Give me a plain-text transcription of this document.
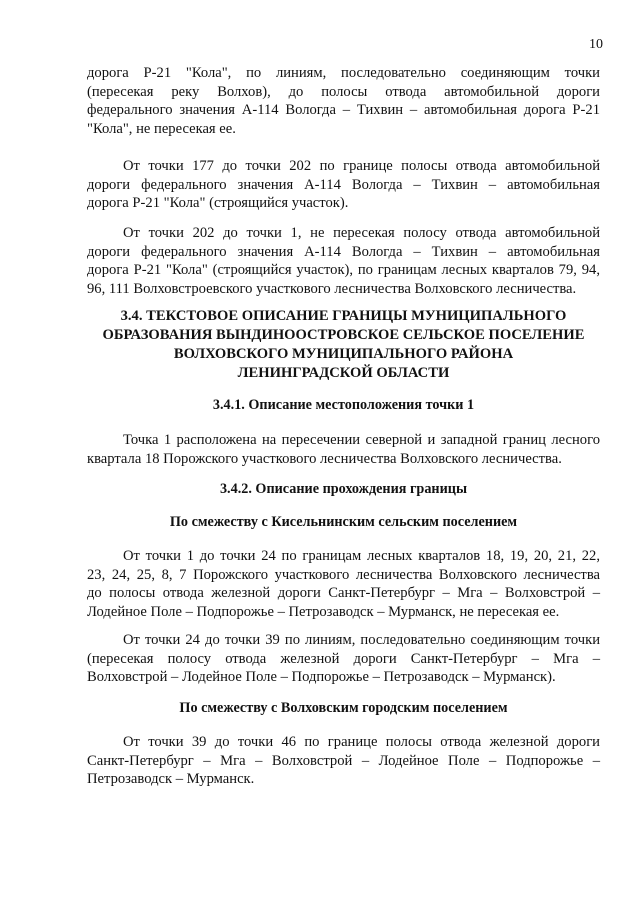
10
дорога Р-21 "Кола", по линиям, последовательно соединяющим точки
(пересекая реку Волхов), до полосы отвода автомобильной дороги
федерального значения А-114 Вологда – Тихвин – автомобильная дорога Р-21
"Кола", не пересекая ее.
От точки 177 до точки 202 по границе полосы отвода автомобильной
дороги федерального значения А-114 Вологда – Тихвин – автомобильная
дорога Р-21 "Кола" (строящийся участок).
От точки 202 до точки 1, не пересекая полосу отвода автомобильной
дороги федерального значения А-114 Вологда – Тихвин – автомобильная
дорога Р-21 "Кола" (строящийся участок), по границам лесных кварталов 79, 94,
96, 111 Волховстроевского участкового лесничества Волховского лесничества.
3.4. ТЕКСТОВОЕ ОПИСАНИЕ ГРАНИЦЫ МУНИЦИПАЛЬНОГО
ОБРАЗОВАНИЯ ВЫНДИНООСТРОВСКОЕ СЕЛЬСКОЕ ПОСЕЛЕНИЕ
ВОЛХОВСКОГО МУНИЦИПАЛЬНОГО РАЙОНА
ЛЕНИНГРАДСКОЙ ОБЛАСТИ
3.4.1. Описание местоположения точки 1
Точка 1 расположена на пересечении северной и западной границ лесного
квартала 18 Порожского участкового лесничества Волховского лесничества.
3.4.2. Описание прохождения границы
По смежеству с Кисельнинским сельским поселением
От точки 1 до точки 24 по границам лесных кварталов 18, 19, 20, 21, 22,
23, 24, 25, 8, 7 Порожского участкового лесничества Волховского лесничества
до полосы отвода железной дороги Санкт-Петербург – Мга – Волховстрой –
Лодейное Поле – Подпорожье – Петрозаводск – Мурманск, не пересекая ее.
От точки 24 до точки 39 по линиям, последовательно соединяющим точки
(пересекая полосу отвода железной дороги Санкт-Петербург – Мга –
Волховстрой – Лодейное Поле – Подпорожье – Петрозаводск – Мурманск).
По смежеству с Волховским городским поселением
От точки 39 до точки 46 по границе полосы отвода железной дороги
Санкт-Петербург – Мга – Волховстрой – Лодейное Поле – Подпорожье –
Петрозаводск – Мурманск.
